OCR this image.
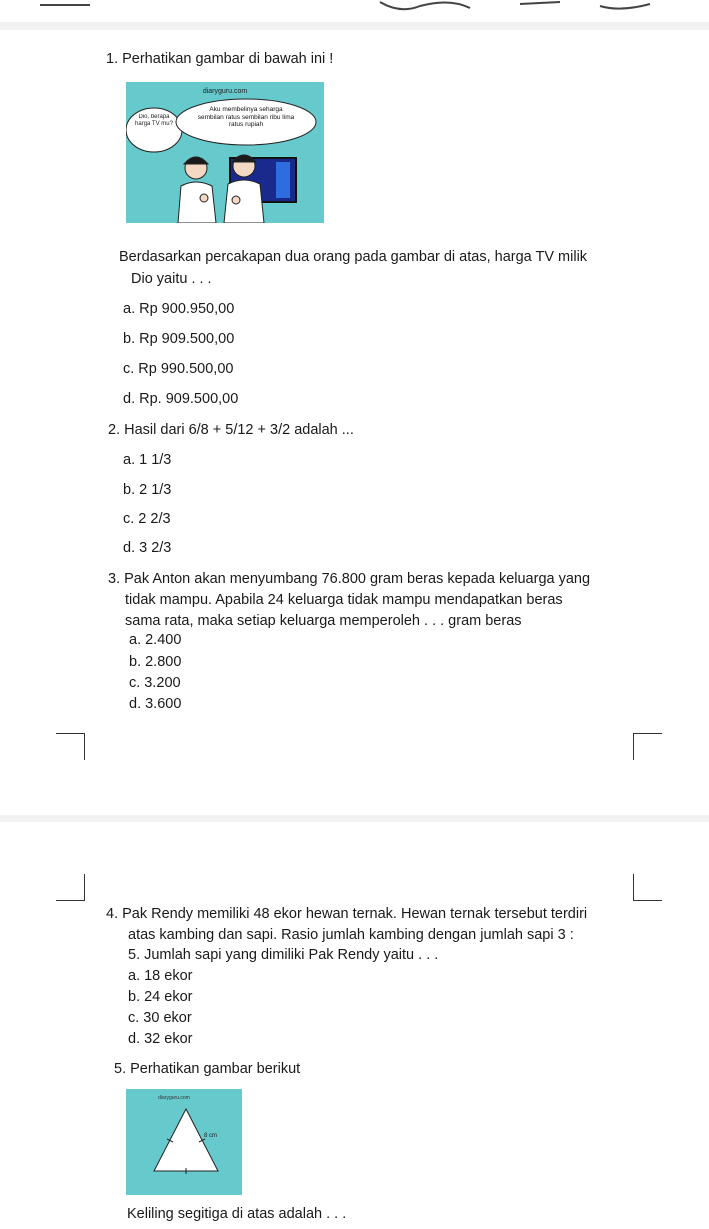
1. Perhatikan gambar di bawah ini !
diaryguru.com
Dio, berapa harga TV mu?
Aku membelinya seharga sembilan ratus sembilan ribu lima ratus rupiah
Berdasarkan percakapan dua orang pada gambar di atas, harga TV milik
Dio yaitu . . .
a. Rp 900.950,00
b. Rp 909.500,00
c. Rp 990.500,00
d. Rp. 909.500,00
2. Hasil dari 6/8 + 5/12 + 3/2 adalah ...
a. 1 1/3
b. 2 1/3
c. 2 2/3
d. 3 2/3
3. Pak Anton akan menyumbang 76.800 gram beras kepada keluarga yang
tidak mampu. Apabila 24 keluarga tidak mampu mendapatkan beras
sama rata, maka setiap keluarga memperoleh . . . gram beras
a. 2.400
b. 2.800
c. 3.200
d. 3.600
4. Pak Rendy memiliki 48 ekor hewan ternak. Hewan ternak tersebut terdiri
atas kambing dan sapi. Rasio jumlah kambing dengan jumlah sapi 3 :
5. Jumlah sapi yang dimiliki Pak Rendy yaitu . . .
a. 18 ekor
b. 24 ekor
c. 30 ekor
d. 32 ekor
5. Perhatikan gambar berikut
diaryguru.com
8 cm
Keliling segitiga di atas adalah . . .
